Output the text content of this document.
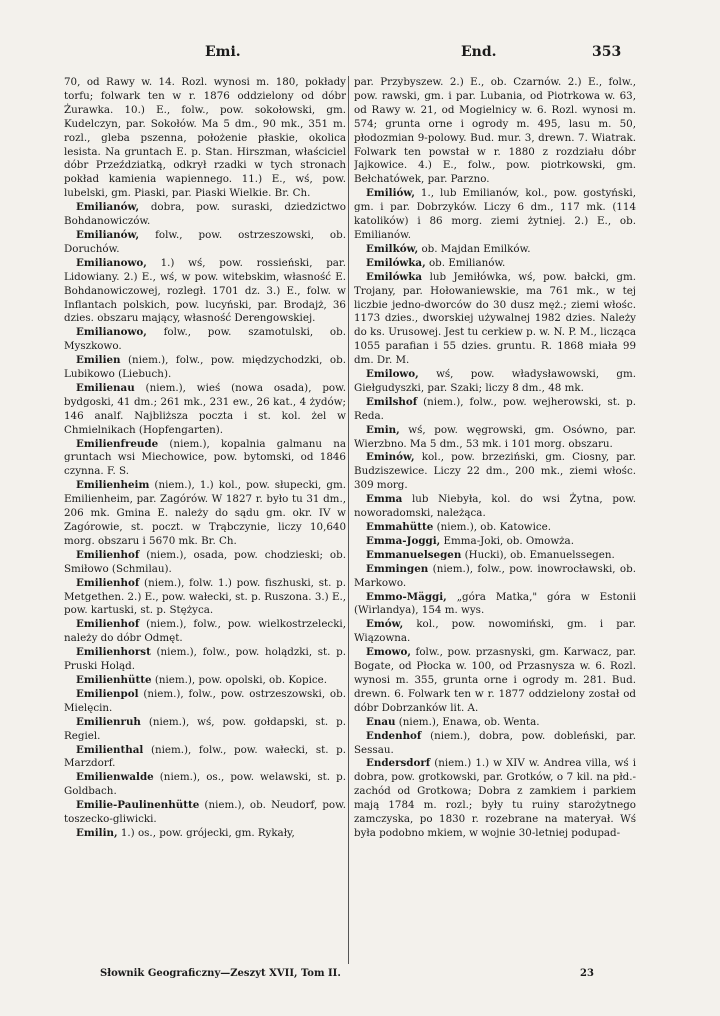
Emi.	End.	353

70, od Rawy w. 14. Rozl. wynosi m. 180, pokłady torfu; folwark ten w r. 1876 oddzielony od dóbr Żurawka. 10.) E., folw., pow. sokołowski, gm. Kudelczyn, par. Sokołów. Ma 5 dm., 90 mk., 351 m. rozl., gleba pszenna, położenie płaskie, okolica lesista. Na gruntach E. p. Stan. Hirszman, właściciel dóbr Przeździatką, odkrył rzadki w tych stronach pokład kamienia wapiennego. 11.) E., wś, pow. lubelski, gm. Piaski, par. Piaski Wielkie. Br. Ch.

Emilianów, dobra, pow. suraski, dziedzictwo Bohdanowiczów.

Emilianów, folw., pow. ostrzeszowski, ob. Doruchów.

Emilianowo, 1.) wś, pow. rossieński, par. Lidowiany. 2.) E., wś, w pow. witebskim, własność E. Bohdanowiczowej, rozległ. 1701 dz. 3.) E., folw. w Inflantach polskich, pow. lucyński, par. Brodajż, 36 dzies. obszaru mający, własność Derengowskiej.

Emilianowo, folw., pow. szamotulski, ob. Myszkowo.

Emilien (niem.), folw., pow. międzychodzki, ob. Lubikowo (Liebuch).

Emilienau (niem.), wieś (nowa osada), pow. bydgoski, 41 dm.; 261 mk., 231 ew., 26 kat., 4 żydów; 146 analf. Najbliższa poczta i st. kol. żel w Chmielnikach (Hopfengarten).

Emilienfreude (niem.), kopalnia galmanu na gruntach wsi Miechowice, pow. bytomski, od 1846 czynna. F. S.

Emilienheim (niem.), 1.) kol., pow. słupecki, gm. Emilienheim, par. Zagórów. W 1827 r. było tu 31 dm., 206 mk. Gmina E. należy do sądu gm. okr. IV w Zagórowie, st. poczt. w Trąbczynie, liczy 10,640 morg. obszaru i 5670 mk. Br. Ch.

Emilienhof (niem.), osada, pow. chodzieski; ob. Smiłowo (Schmilau).

Emilienhof (niem.), folw. 1.) pow. fiszhuski, st. p. Metgethen. 2.) E., pow. wałecki, st. p. Ruszona. 3.) E., pow. kartuski, st. p. Stężyca.

Emilienhof (niem.), folw., pow. wielkostrzelecki, należy do dóbr Odmęt.

Emilienhorst (niem.), folw., pow. holądzki, st. p. Pruski Holąd.

Emilienhütte (niem.), pow. opolski, ob. Kopice.

Emilienpol (niem.), folw., pow. ostrzeszowski, ob. Mielęcin.

Emilienruh (niem.), wś, pow. gołdapski, st. p. Regiel.

Emilienthal (niem.), folw., pow. wałecki, st. p. Marzdorf.

Emilienwalde (niem.), os., pow. welawski, st. p. Goldbach.

Emilie-Paulinenhütte (niem.), ob. Neudorf, pow. toszecko-gliwicki.

Emilin, 1.) os., pow. grójecki, gm. Rykały,

par. Przybyszew. 2.) E., ob. Czarnów. 2.) E., folw., pow. rawski, gm. i par. Lubania, od Piotrkowa w. 63, od Rawy w. 21, od Mogielnicy w. 6. Rozl. wynosi m. 574; grunta orne i ogrody m. 495, lasu m. 50, płodozmian 9-polowy. Bud. mur. 3, drewn. 7. Wiatrak. Folwark ten powstał w r. 1880 z rozdziału dóbr Jajkowice. 4.) E., folw., pow. piotrkowski, gm. Bełchatówek, par. Parzno.

Emiliów, 1., lub Emilianów, kol., pow. gostyński, gm. i par. Dobrzyków. Liczy 6 dm., 117 mk. (114 katolików) i 86 morg. ziemi żytniej. 2.) E., ob. Emilianów.

Emilków, ob. Majdan Emilków.

Emilówka, ob. Emilianów.

Emilówka lub Jemiłówka, wś, pow. bałcki, gm. Trojany, par. Hołowaniewskie, ma 761 mk., w tej liczbie jedno-dworców do 30 dusz męż.; ziemi włośc. 1173 dzies., dworskiej używalnej 1982 dzies. Należy do ks. Urusowej. Jest tu cerkiew p. w. N. P. M., licząca 1055 parafian i 55 dzies. gruntu. R. 1868 miała 99 dm. Dr. M.

Emilowo, wś, pow. władysławowski, gm. Giełgudyszki, par. Szaki; liczy 8 dm., 48 mk.

Emilshof (niem.), folw., pow. wejherowski, st. p. Reda.

Emin, wś, pow. węgrowski, gm. Osówno, par. Wierzbno. Ma 5 dm., 53 mk. i 101 morg. obszaru.

Eminów, kol., pow. brzeziński, gm. Ciosny, par. Budziszewice. Liczy 22 dm., 200 mk., ziemi włośc. 309 morg.

Emma lub Niebyła, kol. do wsi Żytna, pow. noworadomski, należąca.

Emmahütte (niem.), ob. Katowice.

Emma-Joggi, Emma-Joki, ob. Omowża.

Emmanuelsegen (Hucki), ob. Emanuelssegen.

Emmingen (niem.), folw., pow. inowrocławski, ob. Markowo.

Emmo-Mäggi, „góra Matka," góra w Estonii (Wirlandya), 154 m. wys.

Emów, kol., pow. nowomiński, gm. i par. Wiązowna.

Emowo, folw., pow. przasnyski, gm. Karwacz, par. Bogate, od Płocka w. 100, od Przasnysza w. 6. Rozl. wynosi m. 355, grunta orne i ogrody m. 281. Bud. drewn. 6. Folwark ten w r. 1877 oddzielony został od dóbr Dobrzanków lit. A.

Enau (niem.), Enawa, ob. Wenta.

Endenhof (niem.), dobra, pow. dobleński, par. Sessau.

Endersdorf (niem.) 1.) w XIV w. Andrea villa, wś i dobra, pow. grotkowski, par. Grotków, o 7 kil. na płd.-zachód od Grotkowa; Dobra z zamkiem i parkiem mają 1784 m. rozl.; były tu ruiny starożytnego zamczyska, po 1830 r. rozebrane na materyał. Wś była podobno mkiem, w wojnie 30-letniej podupad-

Słownik Geograficzny—Zeszyt XVII, Tom II.	23
